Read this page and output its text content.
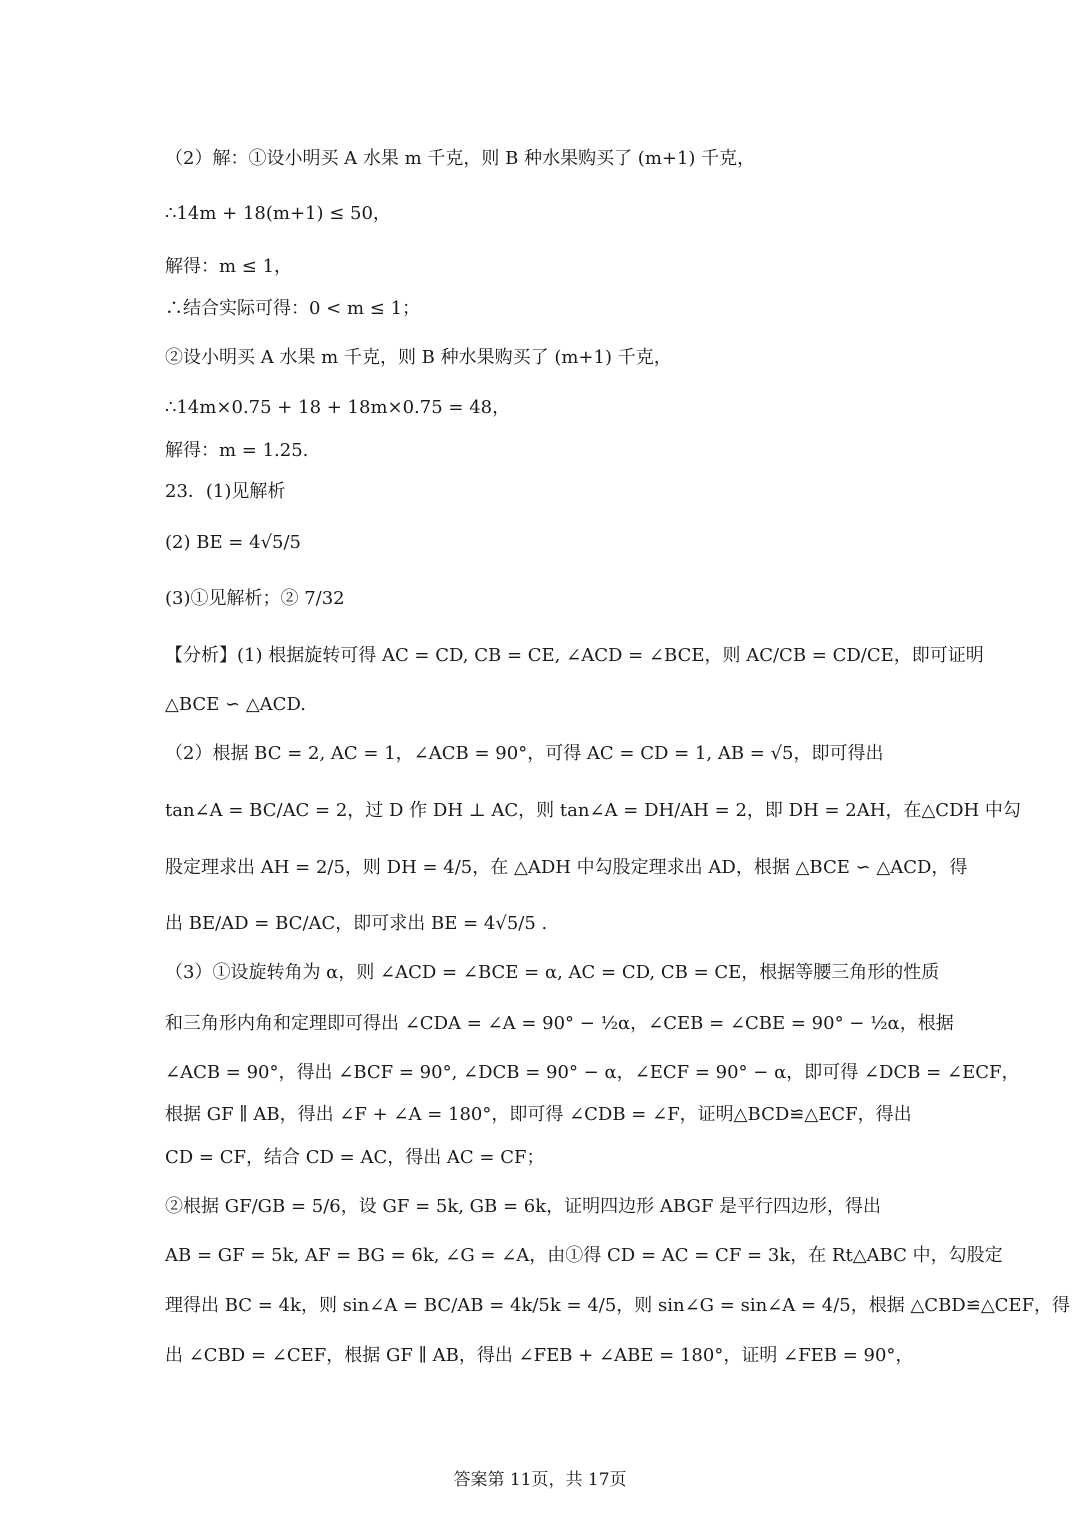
（2）解：①设小明买 A 水果 m 千克，则 B 种水果购买了 (m+1) 千克，
∴14m + 18(m+1) ≤ 50，
解得：m ≤ 1，
∴结合实际可得：0 < m ≤ 1；
②设小明买 A 水果 m 千克，则 B 种水果购买了 (m+1) 千克，
∴14m×0.75 + 18 + 18m×0.75 = 48，
解得：m = 1.25.
23．(1)见解析
(2) BE = 4√5/5
(3)①见解析；② 7/32
【分析】(1) 根据旋转可得 AC = CD, CB = CE, ∠ACD = ∠BCE，则 AC/CB = CD/CE，即可证明
△BCE ∽ △ACD.
（2）根据 BC = 2, AC = 1，∠ACB = 90°，可得 AC = CD = 1, AB = √5，即可得出
tan∠A = BC/AC = 2，过 D 作 DH ⊥ AC，则 tan∠A = DH/AH = 2，即 DH = 2AH，在△CDH 中勾
股定理求出 AH = 2/5，则 DH = 4/5，在 △ADH 中勾股定理求出 AD，根据 △BCE ∽ △ACD，得
出 BE/AD = BC/AC，即可求出 BE = 4√5/5 .
（3）①设旋转角为 α，则 ∠ACD = ∠BCE = α, AC = CD, CB = CE，根据等腰三角形的性质
和三角形内角和定理即可得出 ∠CDA = ∠A = 90° − ½α，∠CEB = ∠CBE = 90° − ½α，根据
∠ACB = 90°，得出 ∠BCF = 90°, ∠DCB = 90° − α，∠ECF = 90° − α，即可得 ∠DCB = ∠ECF，
根据 GF ∥ AB，得出 ∠F + ∠A = 180°，即可得 ∠CDB = ∠F，证明△BCD≌△ECF，得出
CD = CF，结合 CD = AC，得出 AC = CF；
②根据 GF/GB = 5/6，设 GF = 5k, GB = 6k，证明四边形 ABGF 是平行四边形，得出
AB = GF = 5k, AF = BG = 6k, ∠G = ∠A，由①得 CD = AC = CF = 3k，在 Rt△ABC 中，勾股定
理得出 BC = 4k，则 sin∠A = BC/AB = 4k/5k = 4/5，则 sin∠G = sin∠A = 4/5，根据 △CBD≌△CEF，得
出 ∠CBD = ∠CEF，根据 GF ∥ AB，得出 ∠FEB + ∠ABE = 180°，证明 ∠FEB = 90°，
答案第 11页，共 17页
